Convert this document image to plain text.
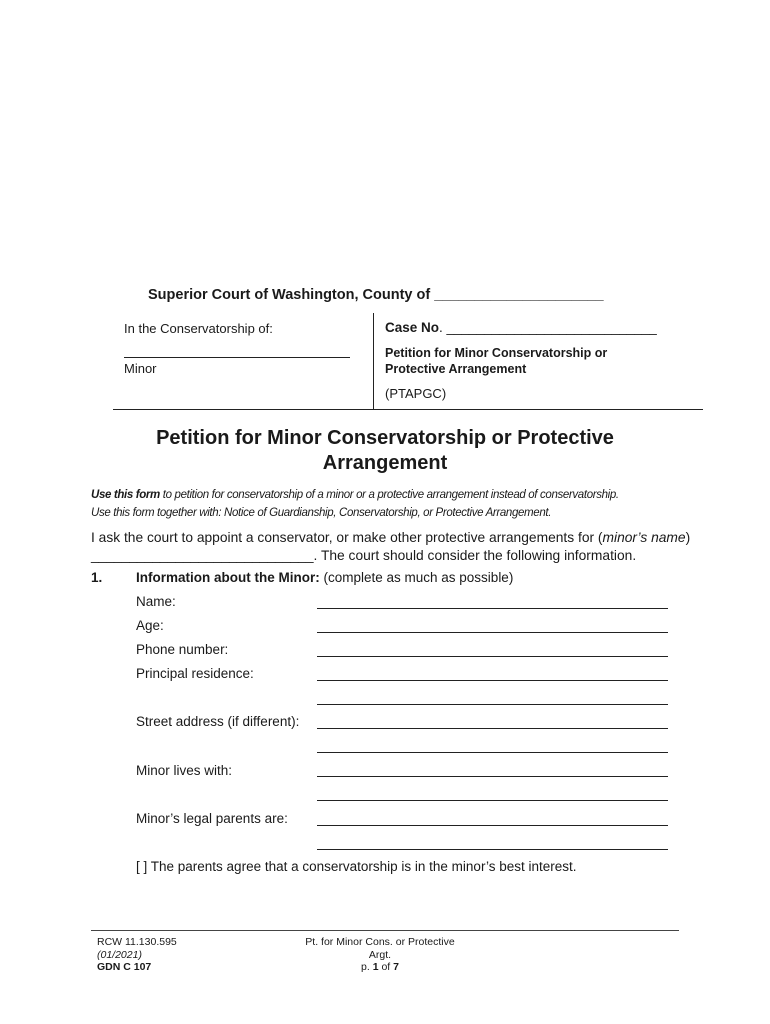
Superior Court of Washington, County of _____________________
In the Conservatorship of:
Minor
Case No. ____________________________
Petition for Minor Conservatorship or
Protective Arrangement
(PTAPGC)
Petition for Minor Conservatorship or Protective
Arrangement
Use this form to petition for conservatorship of a minor or a protective arrangement instead of conservatorship.
Use this form together with: Notice of Guardianship, Conservatorship, or Protective Arrangement.
I ask the court to appoint a conservator, or make other protective arrangements for (minor’s name) _____________________________. The court should consider the following information.
1. Information about the Minor: (complete as much as possible)
Name:
Age:
Phone number:
Principal residence:
Street address (if different):
Minor lives with:
Minor’s legal parents are:
[ ] The parents agree that a conservatorship is in the minor’s best interest.
RCW 11.130.595
(01/2021)
GDN C 107
Pt. for Minor Cons. or Protective
Argt.
p. 1 of 7
